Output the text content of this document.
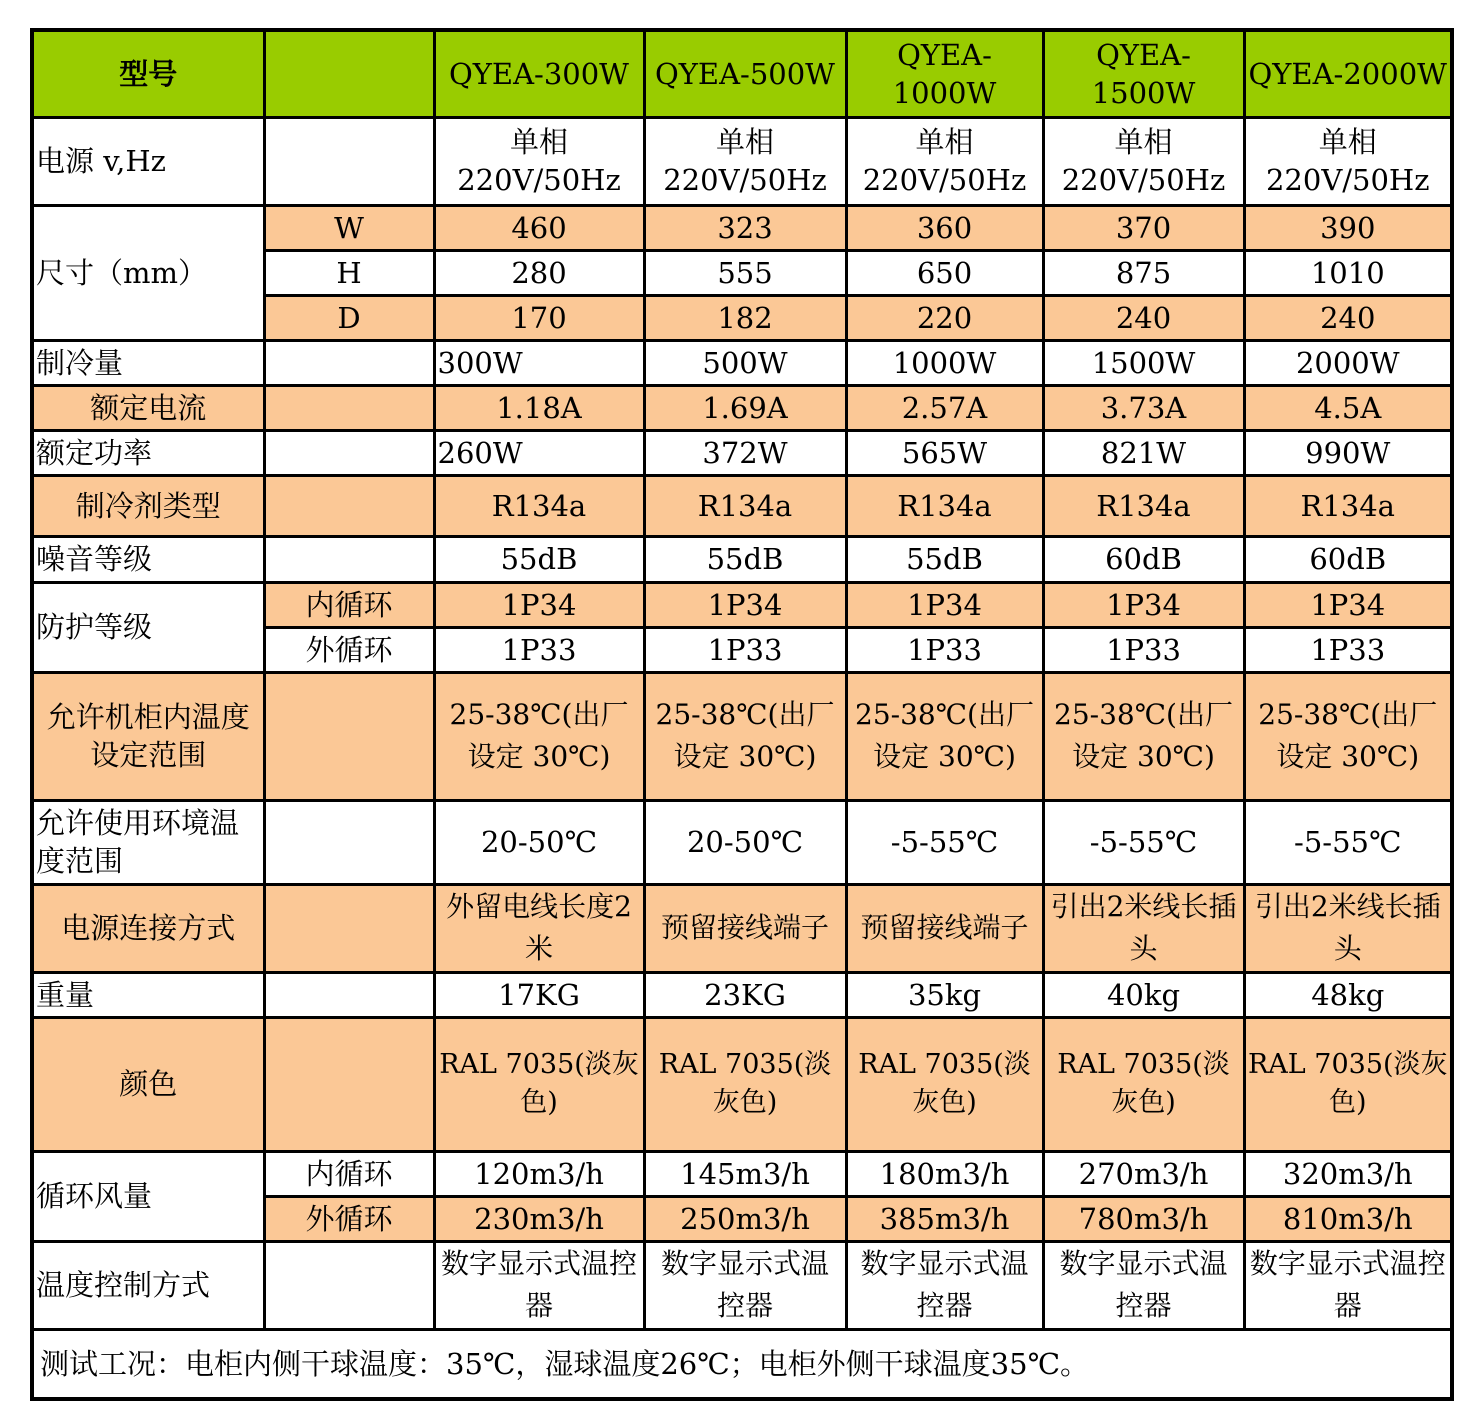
型号		QYEA-300W	QYEA-500W	QYEA-1000W	QYEA-1500W	QYEA-2000W
电源 v,Hz		单相220V/50Hz	单相220V/50Hz	单相220V/50Hz	单相220V/50Hz	单相220V/50Hz
尺寸（mm）	W	460	323	360	370	390
	H	280	555	650	875	1010
	D	170	182	220	240	240
制冷量		300W	500W	1000W	1500W	2000W
额定电流		1.18A	1.69A	2.57A	3.73A	4.5A
额定功率		260W	372W	565W	821W	990W
制冷剂类型		R134a	R134a	R134a	R134a	R134a
噪音等级		55dB	55dB	55dB	60dB	60dB
防护等级	内循环	1P34	1P34	1P34	1P34	1P34
	外循环	1P33	1P33	1P33	1P33	1P33
允许机柜内温度设定范围		25-38℃(出厂设定 30℃)	25-38℃(出厂设定 30℃)	25-38℃(出厂设定 30℃)	25-38℃(出厂设定 30℃)	25-38℃(出厂设定 30℃)
允许使用环境温度范围		20-50℃	20-50℃	-5-55℃	-5-55℃	-5-55℃
电源连接方式		外留电线长度2米	预留接线端子	预留接线端子	引出2米线长插头	引出2米线长插头
重量		17KG	23KG	35kg	40kg	48kg
颜色		RAL 7035(淡灰色)	RAL 7035(淡灰色)	RAL 7035(淡灰色)	RAL 7035(淡灰色)	RAL 7035(淡灰色)
循环风量	内循环	120m3/h	145m3/h	180m3/h	270m3/h	320m3/h
	外循环	230m3/h	250m3/h	385m3/h	780m3/h	810m3/h
温度控制方式		数字显示式温控器	数字显示式温控器	数字显示式温控器	数字显示式温控器	数字显示式温控器
测试工况：电柜内侧干球温度：35℃，湿球温度26℃；电柜外侧干球温度35℃。						
